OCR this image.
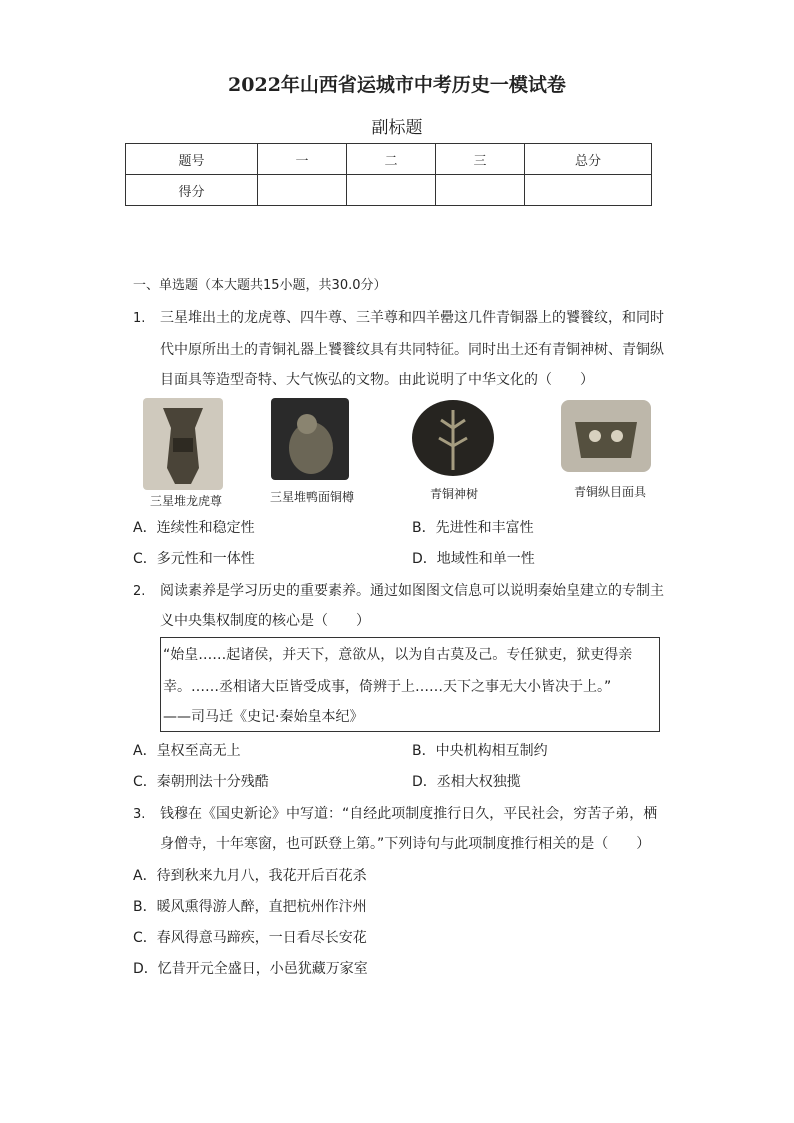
2022年山西省运城市中考历史一模试卷
副标题
题号	一	二	三	总分
得分				
一、单选题（本大题共15小题，共30.0分）
1. 三星堆出土的龙虎尊、四牛尊、三羊尊和四羊罍这几件青铜器上的饕餮纹，和同时
代中原所出土的青铜礼器上饕餮纹具有共同特征。同时出土还有青铜神树、青铜纵
目面具等造型奇特、大气恢弘的文物。由此说明了中华文化的（　　）
三星堆龙虎尊	三星堆鸭面铜樽	青铜神树	青铜纵目面具
A．连续性和稳定性	B．先进性和丰富性
C．多元性和一体性	D．地域性和单一性
2. 阅读素养是学习历史的重要素养。通过如图图文信息可以说明秦始皇建立的专制主
义中央集权制度的核心是（　　）
“始皇……起诸侯，并天下，意欲从，以为自古莫及己。专任狱吏，狱吏得亲
幸。……丞相诸大臣皆受成事，倚辨于上……天下之事无大小皆决于上。”
——司马迁《史记·秦始皇本纪》
A．皇权至高无上	B．中央机构相互制约
C．秦朝刑法十分残酷	D．丞相大权独揽
3. 钱穆在《国史新论》中写道：“自经此项制度推行日久，平民社会，穷苦子弟，栖
身僧寺，十年寒窗，也可跃登上第。”下列诗句与此项制度推行相关的是（　　）
A．待到秋来九月八，我花开后百花杀
B．暖风熏得游人醉，直把杭州作汴州
C．春风得意马蹄疾，一日看尽长安花
D．忆昔开元全盛日，小邑犹藏万家室
